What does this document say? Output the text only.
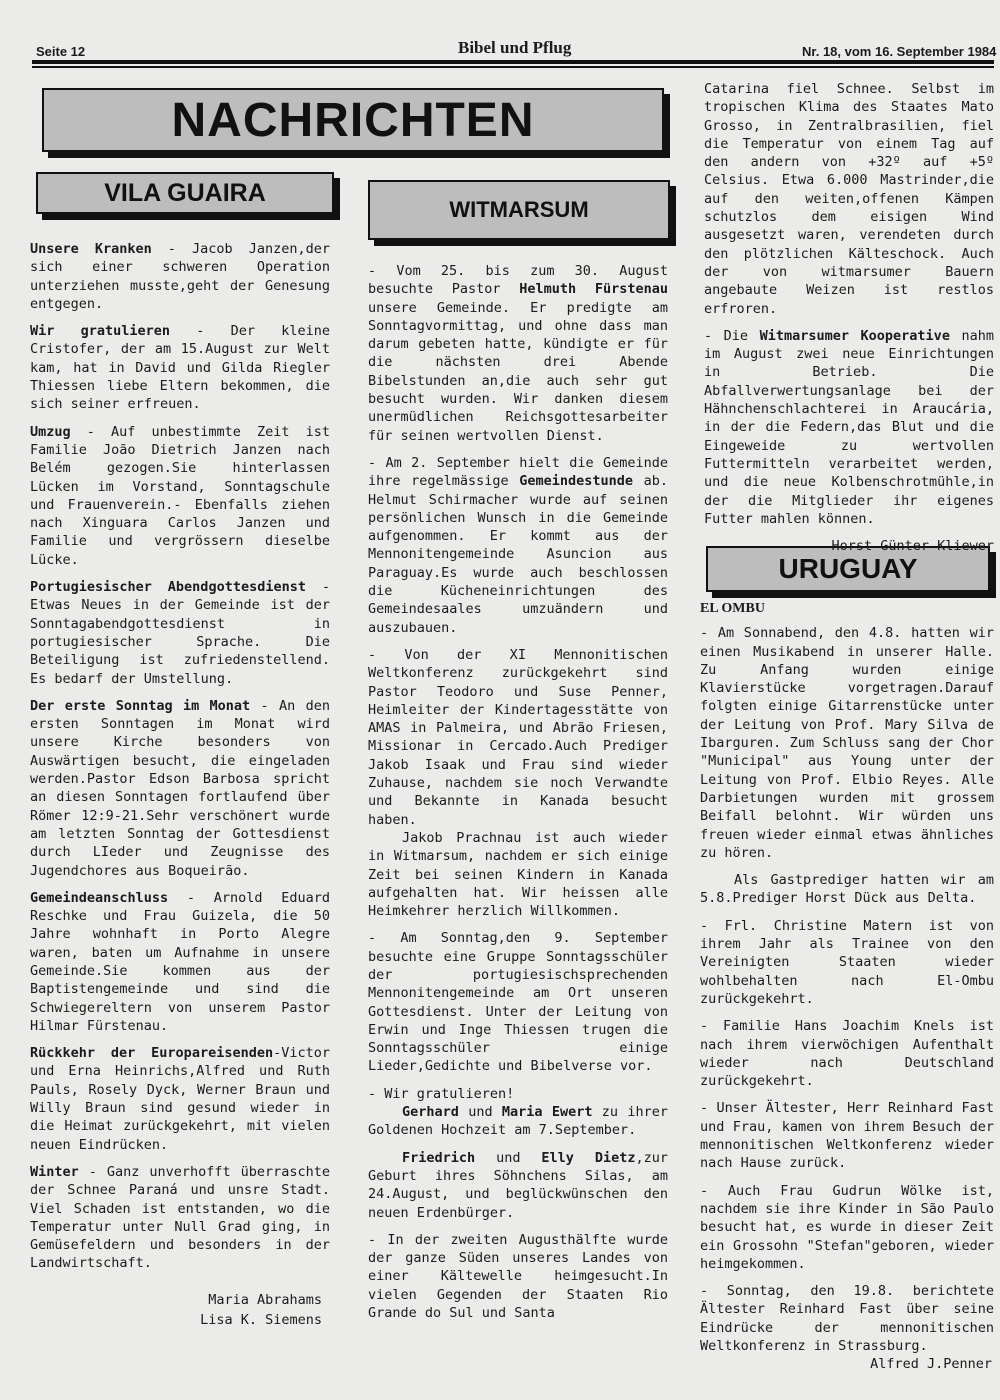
Seite 12	Bibel und Pflug	Nr. 18, vom 16. September 1984
NACHRICHTEN
VILA GUAIRA
WITMARSUM
URUGUAY

Unsere Kranken - Jacob Janzen,der sich einer schweren Operation unterziehen musste,geht der Genesung entgegen.

Wir gratulieren - Der kleine Cristofer, der am 15.August zur Welt kam, hat in David und Gilda Riegler Thiessen liebe Eltern bekommen, die sich seiner erfreuen.

Umzug - Auf unbestimmte Zeit ist Familie João Dietrich Janzen nach Belém gezogen.Sie hinterlassen Lücken im Vorstand, Sonntagschule und Frauenverein.- Ebenfalls ziehen nach Xinguara Carlos Janzen und Familie und vergrössern dieselbe Lücke.

Portugiesischer Abendgottesdienst - Etwas Neues in der Gemeinde ist der Sonntagabendgottesdienst in portugiesischer Sprache. Die Beteiligung ist zufriedenstellend. Es bedarf der Umstellung.

Der erste Sonntag im Monat - An den ersten Sonntagen im Monat wird unsere Kirche besonders von Auswärtigen besucht, die eingeladen werden.Pastor Edson Barbosa spricht an diesen Sonntagen fortlaufend über Römer 12:9-21.Sehr verschönert wurde am letzten Sonntag der Gottesdienst durch LIeder und Zeugnisse des Jugendchores aus Boqueirão.

Gemeindeanschluss - Arnold Eduard Reschke und Frau Guizela, die 50 Jahre wohnhaft in Porto Alegre waren, baten um Aufnahme in unsere Gemeinde.Sie kommen aus der Baptistengemeinde und sind die Schwiegereltern von unserem Pastor Hilmar Fürstenau.

Rückkehr der Europareisenden-Victor und Erna Heinrichs,Alfred und Ruth Pauls, Rosely Dyck, Werner Braun und Willy Braun sind gesund wieder in die Heimat zurückgekehrt, mit vielen neuen Eindrücken.

Winter - Ganz unverhofft überraschte der Schnee Paraná und unsre Stadt. Viel Schaden ist entstanden, wo die Temperatur unter Null Grad ging, in Gemüsefeldern und besonders in der Landwirtschaft.

Maria Abrahams
Lisa K. Siemens

- Vom 25. bis zum 30. August besuchte Pastor Helmuth Fürstenau unsere Gemeinde. Er predigte am Sonntagvormittag, und ohne dass man darum gebeten hatte, kündigte er für die nächsten drei Abende Bibelstunden an,die auch sehr gut besucht wurden. Wir danken diesem unermüdlichen Reichsgottesarbeiter für seinen wertvollen Dienst.

- Am 2. September hielt die Gemeinde ihre regelmässige Gemeindestunde ab. Helmut Schirmacher wurde auf seinen persönlichen Wunsch in die Gemeinde aufgenommen. Er kommt aus der Mennonitengemeinde Asuncion aus Paraguay.Es wurde auch beschlossen die Kücheneinrichtungen des Gemeindesaales umzuändern und auszubauen.

- Von der XI Mennonitischen Weltkonferenz zurückgekehrt sind Pastor Teodoro und Suse Penner, Heimleiter der Kindertagesstätte von AMAS in Palmeira, und Abrão Friesen, Missionar in Cercado.Auch Prediger Jakob Isaak und Frau sind wieder Zuhause, nachdem sie noch Verwandte und Bekannte in Kanada besucht haben.

Jakob Prachnau ist auch wieder in Witmarsum, nachdem er sich einige Zeit bei seinen Kindern in Kanada aufgehalten hat. Wir heissen alle Heimkehrer herzlich Willkommen.

- Am Sonntag,den 9. September besuchte eine Gruppe Sonntagsschüler der portugiesischsprechenden Mennonitengemeinde am Ort unseren Gottesdienst. Unter der Leitung von Erwin und Inge Thiessen trugen die Sonntagsschüler einige Lieder,Gedichte und Bibelverse vor.

- Wir gratulieren!

Gerhard und Maria Ewert zu ihrer Goldenen Hochzeit am 7.September.

Friedrich und Elly Dietz,zur Geburt ihres Söhnchens Silas, am 24.August, und beglückwünschen den neuen Erdenbürger.

- In der zweiten Augusthälfte wurde der ganze Süden unseres Landes von einer Kältewelle heimgesucht.In vielen Gegenden der Staaten Rio Grande do Sul und Santa

Catarina fiel Schnee. Selbst im tropischen Klima des Staates Mato Grosso, in Zentralbrasilien, fiel die Temperatur von einem Tag auf den andern von +32º auf +5º Celsius. Etwa 6.000 Mastrinder,die auf den weiten,offenen Kämpen schutzlos dem eisigen Wind ausgesetzt waren, verendeten durch den plötzlichen Kälteschock. Auch der von witmarsumer Bauern angebaute Weizen ist restlos erfroren.

- Die Witmarsumer Kooperative nahm im August zwei neue Einrichtungen in Betrieb. Die Abfallverwertungsanlage bei der Hähnchenschlachterei in Araucária, in der die Federn,das Blut und die Eingeweide zu wertvollen Futtermitteln verarbeitet werden, und die neue Kolbenschrotmühle,in der die Mitglieder ihr eigenes Futter mahlen können.

Horst Günter Kliewer
EL OMBU

- Am Sonnabend, den 4.8. hatten wir einen Musikabend in unserer Halle. Zu Anfang wurden einige Klavierstücke vorgetragen.Darauf folgten einige Gitarrenstücke unter der Leitung von Prof. Mary Silva de Ibarguren. Zum Schluss sang der Chor "Municipal" aus Young unter der Leitung von Prof. Elbio Reyes. Alle Darbietungen wurden mit grossem Beifall belohnt. Wir würden uns freuen wieder einmal etwas ähnliches zu hören.

Als Gastprediger hatten wir am 5.8.Prediger Horst Dück aus Delta.

- Frl. Christine Matern ist von ihrem Jahr als Trainee von den Vereinigten Staaten wieder wohlbehalten nach El-Ombu zurückgekehrt.

- Familie Hans Joachim Knels ist nach ihrem vierwöchigen Aufenthalt wieder nach Deutschland zurückgekehrt.

- Unser Ältester, Herr Reinhard Fast und Frau, kamen von ihrem Besuch der mennonitischen Weltkonferenz wieder nach Hause zurück.

- Auch Frau Gudrun Wölke ist, nachdem sie ihre Kinder in São Paulo besucht hat, es wurde in dieser Zeit ein Grossohn "Stefan"geboren, wieder heimgekommen.

- Sonntag, den 19.8. berichtete Ältester Reinhard Fast über seine Eindrücke der mennonitischen Weltkonferenz in Strassburg.

Alfred J.Penner
